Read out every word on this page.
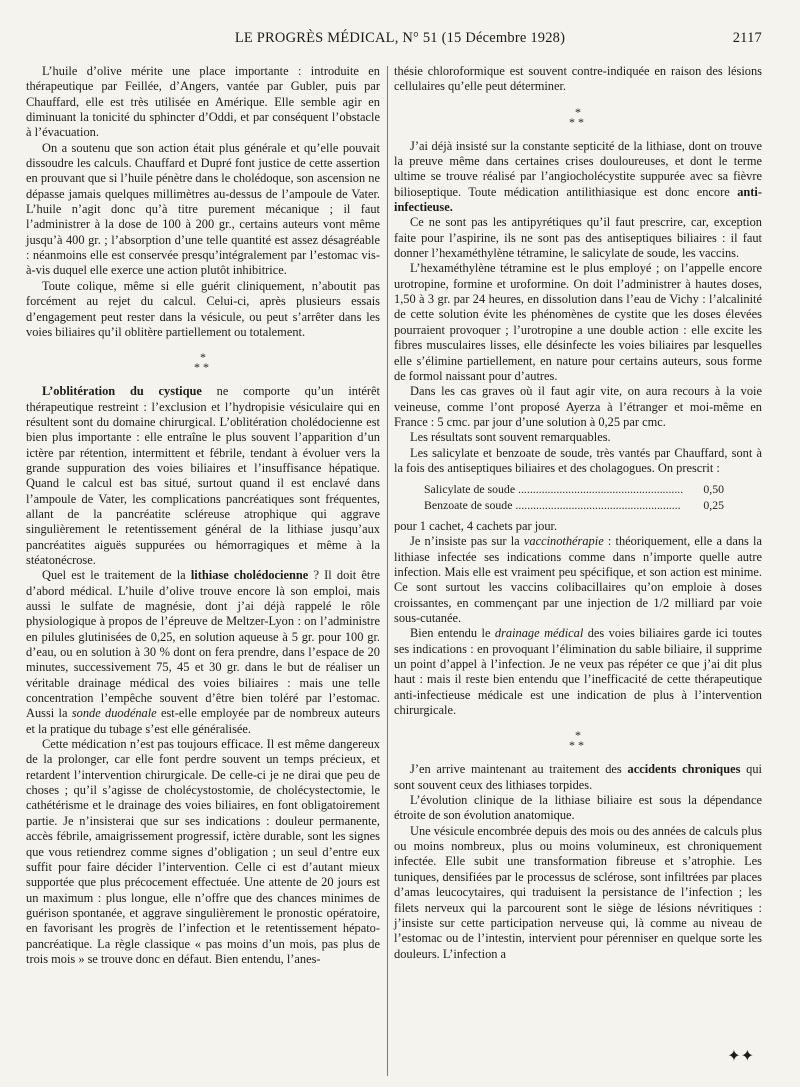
LE PROGRÈS MÉDICAL, N° 51 (15 Décembre 1928)	2117

L’huile d’olive mérite une place importante : introduite en thérapeutique par Feillée, d’Angers, vantée par Gubler, puis par Chauffard, elle est très utilisée en Amérique. Elle semble agir en diminuant la tonicité du sphincter d’Oddi, et par conséquent l’obstacle à l’évacuation.

On a soutenu que son action était plus générale et qu’elle pouvait dissoudre les calculs. Chauffard et Dupré font justice de cette assertion en prouvant que si l’huile pénètre dans le cholédoque, son ascension ne dépasse jamais quelques millimètres au-dessus de l’ampoule de Vater. L’huile n’agit donc qu’à titre purement mécanique ; il faut l’administrer à la dose de 100 à 200 gr., certains auteurs vont même jusqu’à 400 gr. ; l’absorption d’une telle quantité est assez désagréable : néanmoins elle est conservée presqu’intégralement par l’estomac vis-à-vis duquel elle exerce une action plutôt inhibitrice.

Toute colique, même si elle guérit cliniquement, n’aboutit pas forcément au rejet du calcul. Celui-ci, après plusieurs essais d’engagement peut rester dans la vésicule, ou peut s’arrêter dans les voies biliaires qu’il oblitère partiellement ou totalement.

*
**

L’oblitération du cystique ne comporte qu’un intérêt thérapeutique restreint : l’exclusion et l’hydropisie vésiculaire qui en résultent sont du domaine chirurgical. L’oblitération cholédocienne est bien plus importante : elle entraîne le plus souvent l’apparition d’un ictère par rétention, intermittent et fébrile, tendant à évoluer vers la grande suppuration des voies biliaires et l’insuffisance hépatique. Quand le calcul est bas situé, surtout quand il est enclavé dans l’ampoule de Vater, les complications pancréatiques sont fréquentes, allant de la pancréatite scléreuse atrophique qui aggrave singulièrement le retentissement général de la lithiase jusqu’aux pancréatites aiguës suppurées ou hémorragiques et même à la stéatonécrose.

Quel est le traitement de la lithiase cholédocienne ? Il doit être d’abord médical. L’huile d’olive trouve encore là son emploi, mais aussi le sulfate de magnésie, dont j’ai déjà rappelé le rôle physiologique à propos de l’épreuve de Meltzer-Lyon : on l’administre en pilules glutinisées de 0,25, en solution aqueuse à 5 gr. pour 100 gr. d’eau, ou en solution à 30 % dont on fera prendre, dans l’espace de 20 minutes, successivement 75, 45 et 30 gr. dans le but de réaliser un véritable drainage médical des voies biliaires : mais une telle concentration l’empêche souvent d’être bien toléré par l’estomac. Aussi la sonde duodénale est-elle employée par de nombreux auteurs et la pratique du tubage s’est elle généralisée.

Cette médication n’est pas toujours efficace. Il est même dangereux de la prolonger, car elle font perdre souvent un temps précieux, et retardent l’intervention chirurgicale. De celle-ci je ne dirai que peu de choses ; qu’il s’agisse de cholécystostomie, de cholécystectomie, le cathétérisme et le drainage des voies biliaires, en font obligatoirement partie. Je n’insisterai que sur ses indications : douleur permanente, accès fébrile, amaigrissement progressif, ictère durable, sont les signes que vous retiendrez comme signes d’obligation ; un seul d’entre eux suffit pour faire décider l’intervention. Celle ci est d’autant mieux supportée que plus précocement effectuée. Une attente de 20 jours est un maximum : plus longue, elle n’offre que des chances minimes de guérison spontanée, et aggrave singulièrement le pronostic opératoire, en favorisant les progrès de l’infection et le retentissement hépato-pancréatique. La règle classique « pas moins d’un mois, pas plus de trois mois » se trouve donc en défaut. Bien entendu, l’anes-

thésie chloroformique est souvent contre-indiquée en raison des lésions cellulaires qu’elle peut déterminer.

*
**

J’ai déjà insisté sur la constante septicité de la lithiase, dont on trouve la preuve même dans certaines crises douloureuses, et dont le terme ultime se trouve réalisé par l’angiocholécystite suppurée avec sa fièvre bilioseptique. Toute médication antilithiasique est donc encore anti-infectieuse.

Ce ne sont pas les antipyrétiques qu’il faut prescrire, car, exception faite pour l’aspirine, ils ne sont pas des antiseptiques biliaires : il faut donner l’hexaméthylène tétramine, le salicylate de soude, les vaccins.

L’hexaméthylène tétramine est le plus employé ; on l’appelle encore urotropine, formine et uroformine. On doit l’administrer à hautes doses, 1,50 à 3 gr. par 24 heures, en dissolution dans l’eau de Vichy : l’alcalinité de cette solution évite les phénomènes de cystite que les doses élevées pourraient provoquer ; l’urotropine a une double action : elle excite les fibres musculaires lisses, elle désinfecte les voies biliaires par lesquelles elle s’élimine partiellement, en nature pour certains auteurs, sous forme de formol naissant pour d’autres.

Dans les cas graves où il faut agir vite, on aura recours à la voie veineuse, comme l’ont proposé Ayerza à l’étranger et moi-même en France : 5 cmc. par jour d’une solution à 0,25 par cmc.

Les résultats sont souvent remarquables.

Les salicylate et benzoate de soude, très vantés par Chauffard, sont à la fois des antiseptiques biliaires et des cholagogues. On prescrit :

Salicylate de soude .....	0,50
Benzoate de soude .....	0,25

pour 1 cachet, 4 cachets par jour.

Je n’insiste pas sur la vaccinothérapie : théoriquement, elle a dans la lithiase infectée ses indications comme dans n’importe quelle autre infection. Mais elle est vraiment peu spécifique, et son action est minime. Ce sont surtout les vaccins colibacillaires qu’on emploie à doses croissantes, en commençant par une injection de 1/2 milliard par voie sous-cutanée.

Bien entendu le drainage médical des voies biliaires garde ici toutes ses indications : en provoquant l’élimination du sable biliaire, il supprime un point d’appel à l’infection. Je ne veux pas répéter ce que j’ai dit plus haut : mais il reste bien entendu que l’inefficacité de cette thérapeutique anti-infectieuse médicale est une indication de plus à l’intervention chirurgicale.

*
**

J’en arrive maintenant au traitement des accidents chroniques qui sont souvent ceux des lithiases torpides.

L’évolution clinique de la lithiase biliaire est sous la dépendance étroite de son évolution anatomique.

Une vésicule encombrée depuis des mois ou des années de calculs plus ou moins nombreux, plus ou moins volumineux, est chroniquement infectée. Elle subit une transformation fibreuse et s’atrophie. Les tuniques, densifiées par le processus de sclérose, sont infiltrées par places d’amas leucocytaires, qui traduisent la persistance de l’infection ; les filets nerveux qui la parcourent sont le siège de lésions névritiques : j’insiste sur cette participation nerveuse qui, là comme au niveau de l’estomac ou de l’intestin, intervient pour pérenniser en quelque sorte les douleurs. L’infection a

✦✦
